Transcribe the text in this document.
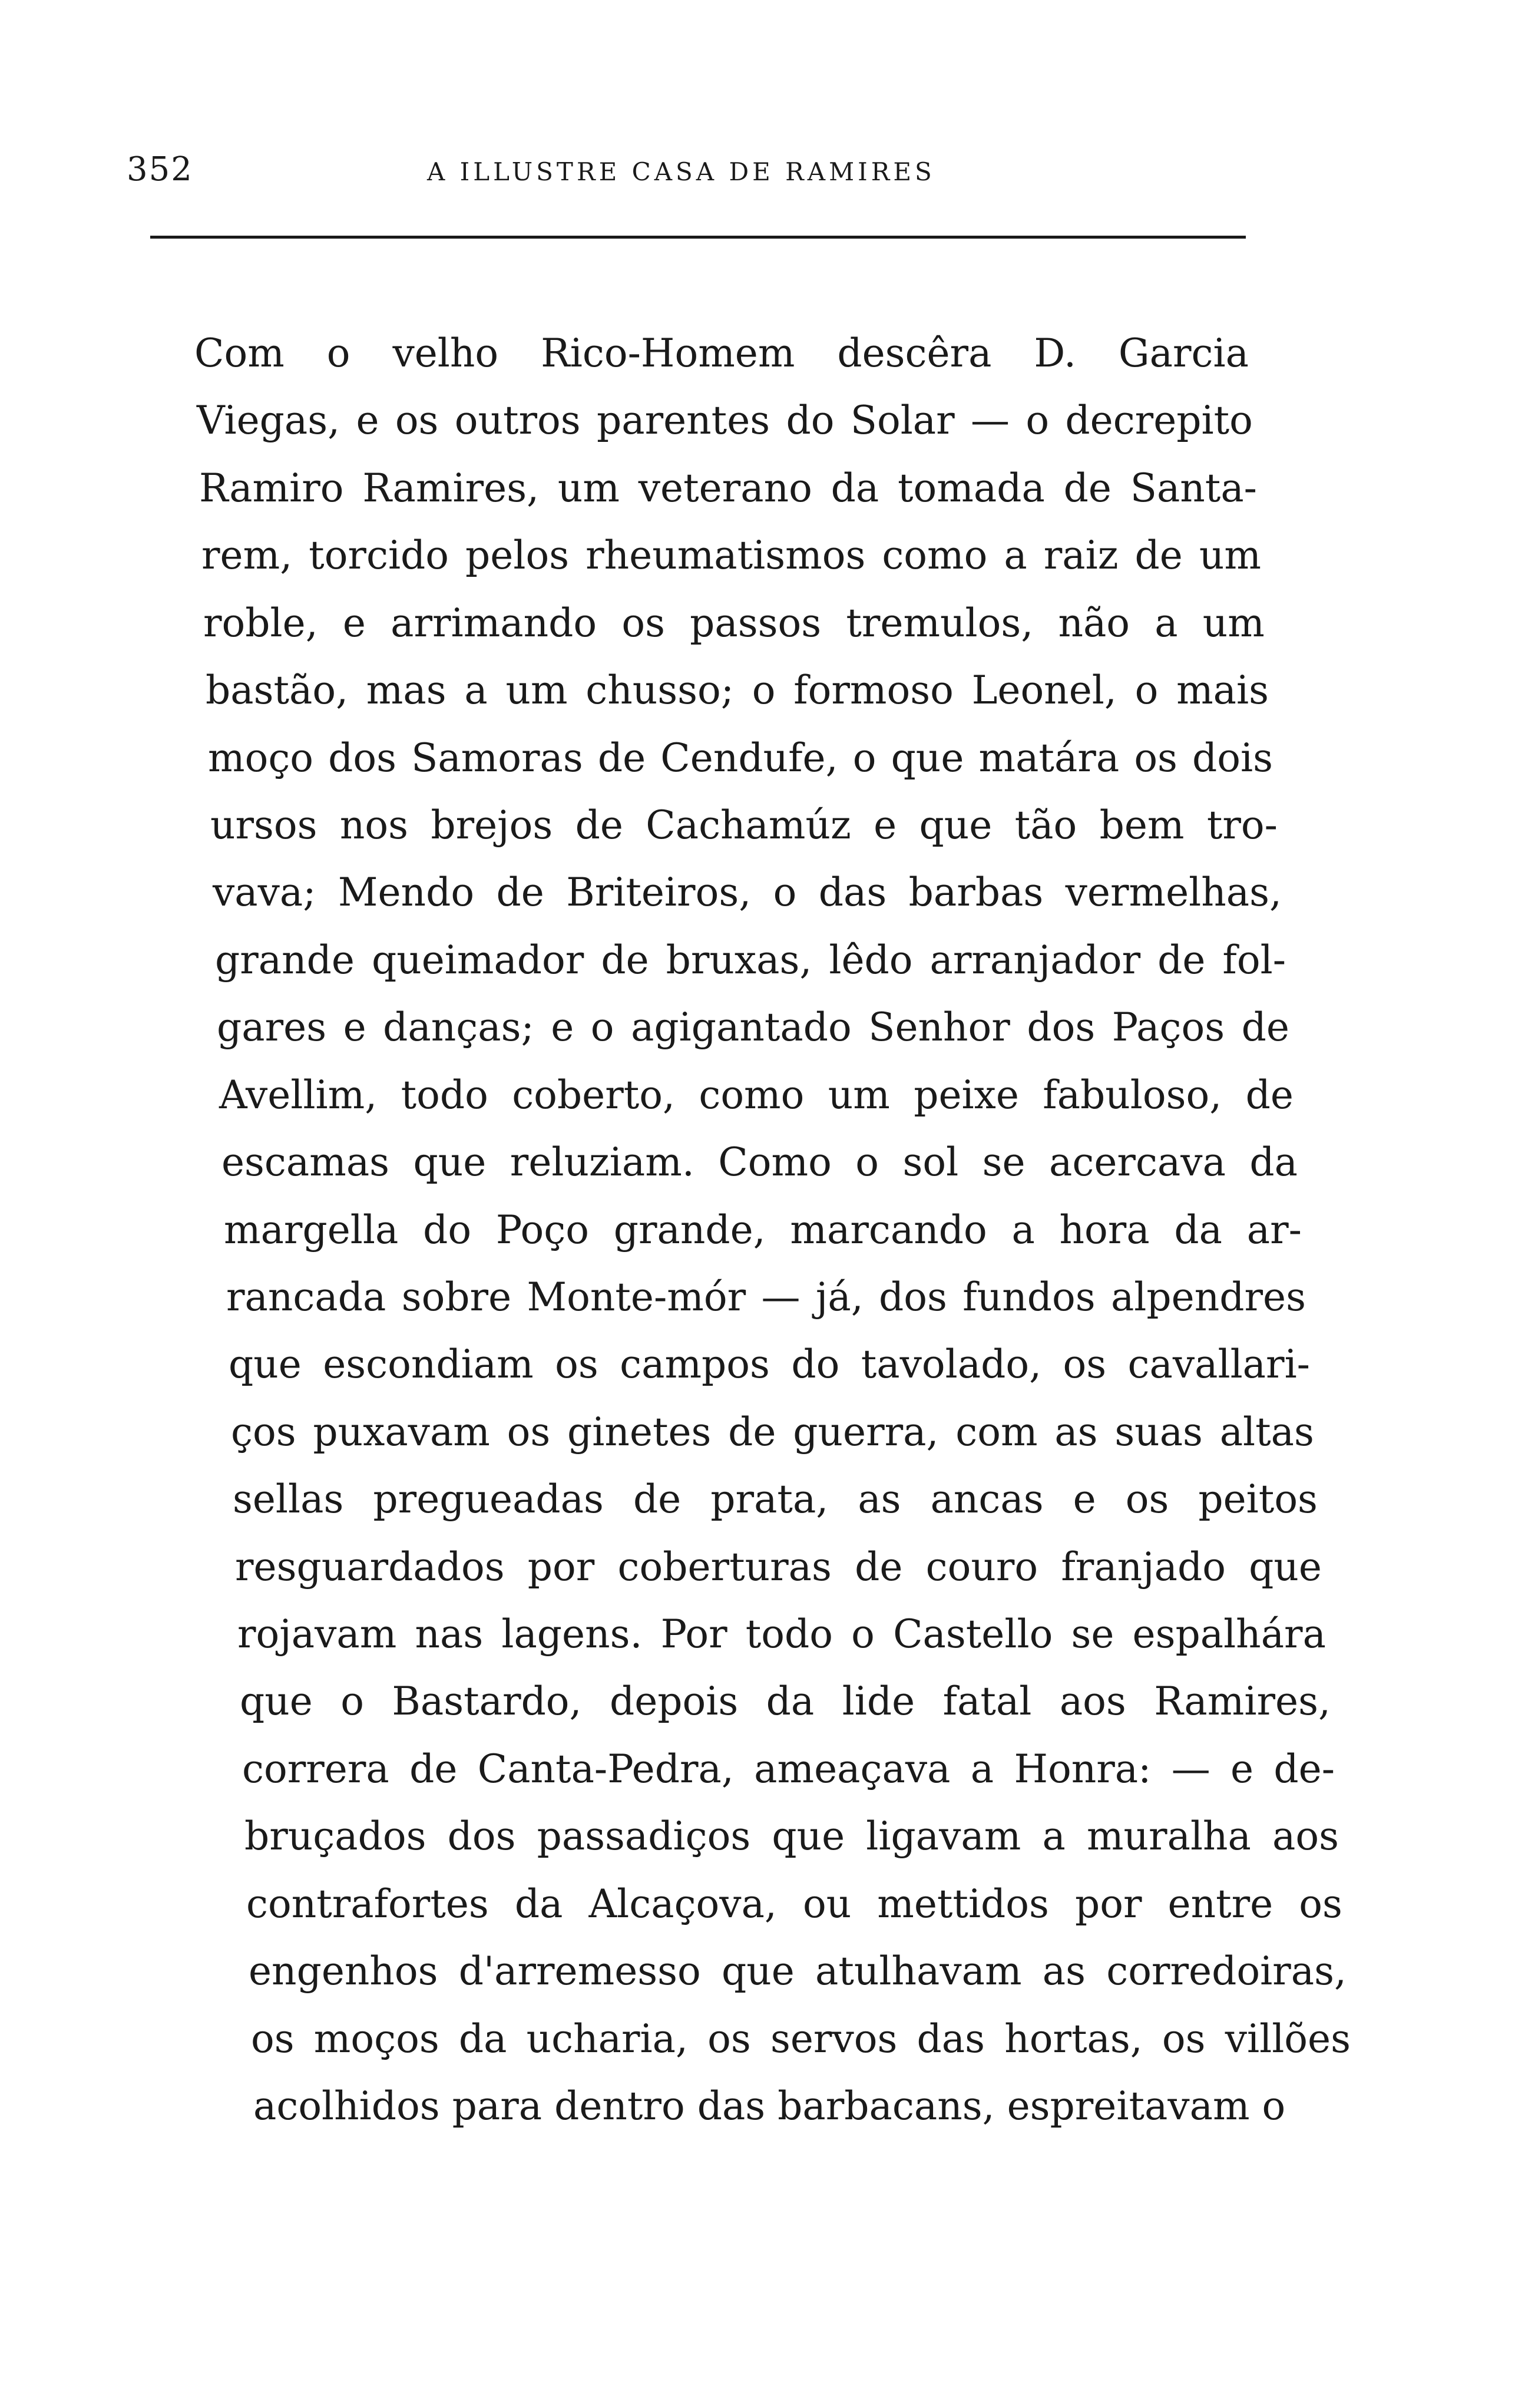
352	A ILLUSTRE CASA DE RAMIRES
Com o velho Rico-Homem descêra D. Garcia
Viegas, e os outros parentes do Solar — o decrepito
Ramiro Ramires, um veterano da tomada de Santa-
rem, torcido pelos rheumatismos como a raiz de um
roble, e arrimando os passos tremulos, não a um
bastão, mas a um chusso; o formoso Leonel, o mais
moço dos Samoras de Cendufe, o que matára os dois
ursos nos brejos de Cachamúz e que tão bem tro-
vava; Mendo de Briteiros, o das barbas vermelhas,
grande queimador de bruxas, lêdo arranjador de fol-
gares e danças; e o agigantado Senhor dos Paços de
Avellim, todo coberto, como um peixe fabuloso, de
escamas que reluziam. Como o sol se acercava da
margella do Poço grande, marcando a hora da ar-
rancada sobre Monte-mór — já, dos fundos alpendres
que escondiam os campos do tavolado, os cavallari-
ços puxavam os ginetes de guerra, com as suas altas
sellas pregueadas de prata, as ancas e os peitos
resguardados por coberturas de couro franjado que
rojavam nas lagens. Por todo o Castello se espalhára
que o Bastardo, depois da lide fatal aos Ramires,
correra de Canta-Pedra, ameaçava a Honra: — e de-
bruçados dos passadiços que ligavam a muralha aos
contrafortes da Alcaçova, ou mettidos por entre os
engenhos d'arremesso que atulhavam as corredoiras,
os moços da ucharia, os servos das hortas, os villões
acolhidos para dentro das barbacans, espreitavam o
